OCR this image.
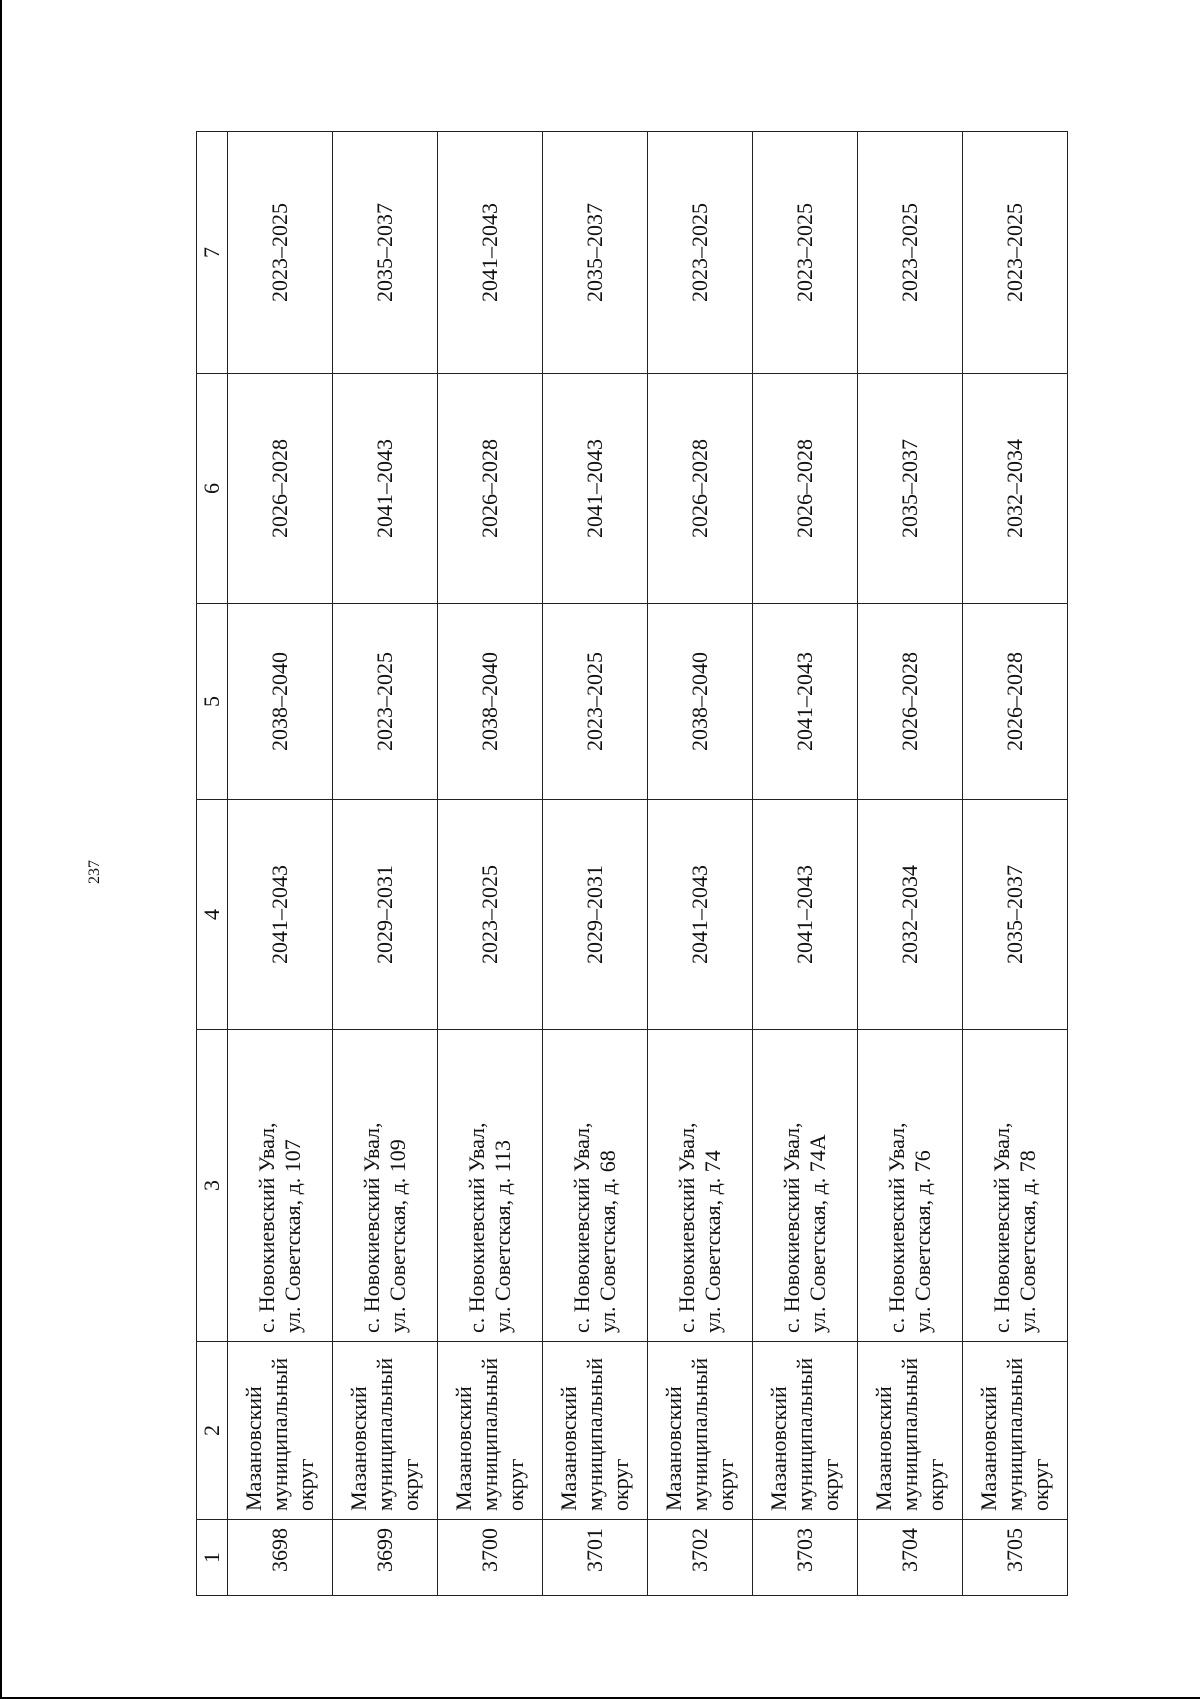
237
1	2	3	4	5	6	7
3698	Мазановский муниципальный округ	с. Новокиевский Увал, ул. Советская, д. 107	2041–2043	2038–2040	2026–2028	2023–2025
3699	Мазановский муниципальный округ	с. Новокиевский Увал, ул. Советская, д. 109	2029–2031	2023–2025	2041–2043	2035–2037
3700	Мазановский муниципальный округ	с. Новокиевский Увал, ул. Советская, д. 113	2023–2025	2038–2040	2026–2028	2041–2043
3701	Мазановский муниципальный округ	с. Новокиевский Увал, ул. Советская, д. 68	2029–2031	2023–2025	2041–2043	2035–2037
3702	Мазановский муниципальный округ	с. Новокиевский Увал, ул. Советская, д. 74	2041–2043	2038–2040	2026–2028	2023–2025
3703	Мазановский муниципальный округ	с. Новокиевский Увал, ул. Советская, д. 74А	2041–2043	2041–2043	2026–2028	2023–2025
3704	Мазановский муниципальный округ	с. Новокиевский Увал, ул. Советская, д. 76	2032–2034	2026–2028	2035–2037	2023–2025
3705	Мазановский муниципальный округ	с. Новокиевский Увал, ул. Советская, д. 78	2035–2037	2026–2028	2032–2034	2023–2025
